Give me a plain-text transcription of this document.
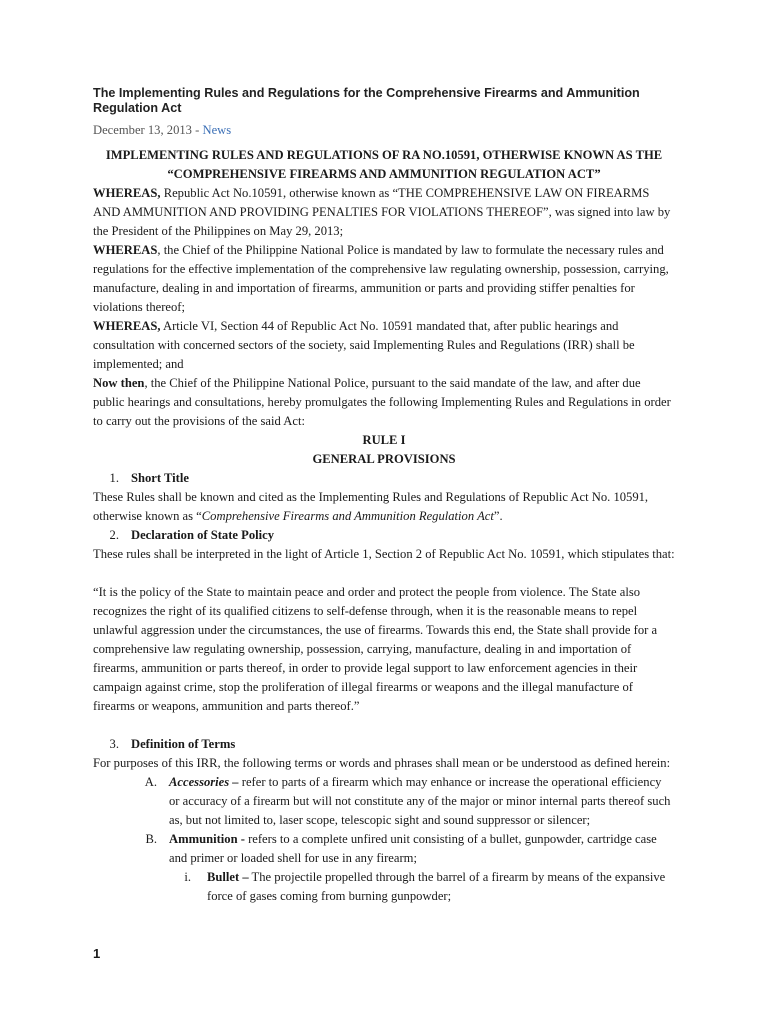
The Implementing Rules and Regulations for the Comprehensive Firearms and Ammunition Regulation Act
December 13, 2013 - News

IMPLEMENTING RULES AND REGULATIONS OF RA NO.10591, OTHERWISE KNOWN AS THE

“COMPREHENSIVE FIREARMS AND AMMUNITION REGULATION ACT”

WHEREAS, Republic Act No.10591, otherwise known as “THE COMPREHENSIVE LAW ON FIREARMS AND AMMUNITION AND PROVIDING PENALTIES FOR VIOLATIONS THEREOF”, was signed into law by the President of the Philippines on May 29, 2013;

WHEREAS, the Chief of the Philippine National Police is mandated by law to formulate the necessary rules and regulations for the effective implementation of the comprehensive law regulating ownership, possession, carrying, manufacture, dealing in and importation of firearms, ammunition or parts and providing stiffer penalties for violations thereof;

WHEREAS, Article VI, Section 44 of Republic Act No. 10591 mandated that, after public hearings and consultation with concerned sectors of the society, said Implementing Rules and Regulations (IRR) shall be implemented; and

Now then, the Chief of the Philippine National Police, pursuant to the said mandate of the law, and after due public hearings and consultations, hereby promulgates the following Implementing Rules and Regulations in order to carry out the provisions of the said Act:

RULE I

GENERAL PROVISIONS

1. Short Title

These Rules shall be known and cited as the Implementing Rules and Regulations of Republic Act No. 10591, otherwise known as “Comprehensive Firearms and Ammunition Regulation Act”.

2. Declaration of State Policy

These rules shall be interpreted in the light of Article 1, Section 2 of Republic Act No. 10591, which stipulates that:

“It is the policy of the State to maintain peace and order and protect the people from violence. The State also recognizes the right of its qualified citizens to self-defense through, when it is the reasonable means to repel unlawful aggression under the circumstances, the use of firearms. Towards this end, the State shall provide for a comprehensive law regulating ownership, possession, carrying, manufacture, dealing in and importation of firearms, ammunition or parts thereof, in order to provide legal support to law enforcement agencies in their campaign against crime, stop the proliferation of illegal firearms or weapons and the illegal manufacture of firearms or weapons, ammunition and parts thereof.”

3. Definition of Terms

For purposes of this IRR, the following terms or words and phrases shall mean or be understood as defined herein:

A. Accessories – refer to parts of a firearm which may enhance or increase the operational efficiency or accuracy of a firearm but will not constitute any of the major or minor internal parts thereof such as, but not limited to, laser scope, telescopic sight and sound suppressor or silencer;
B. Ammunition - refers to a complete unfired unit consisting of a bullet, gunpowder, cartridge case and primer or loaded shell for use in any firearm;
i.	Bullet – The projectile propelled through the barrel of a firearm by means of the expansive force of gases coming from burning gunpowder;
1
